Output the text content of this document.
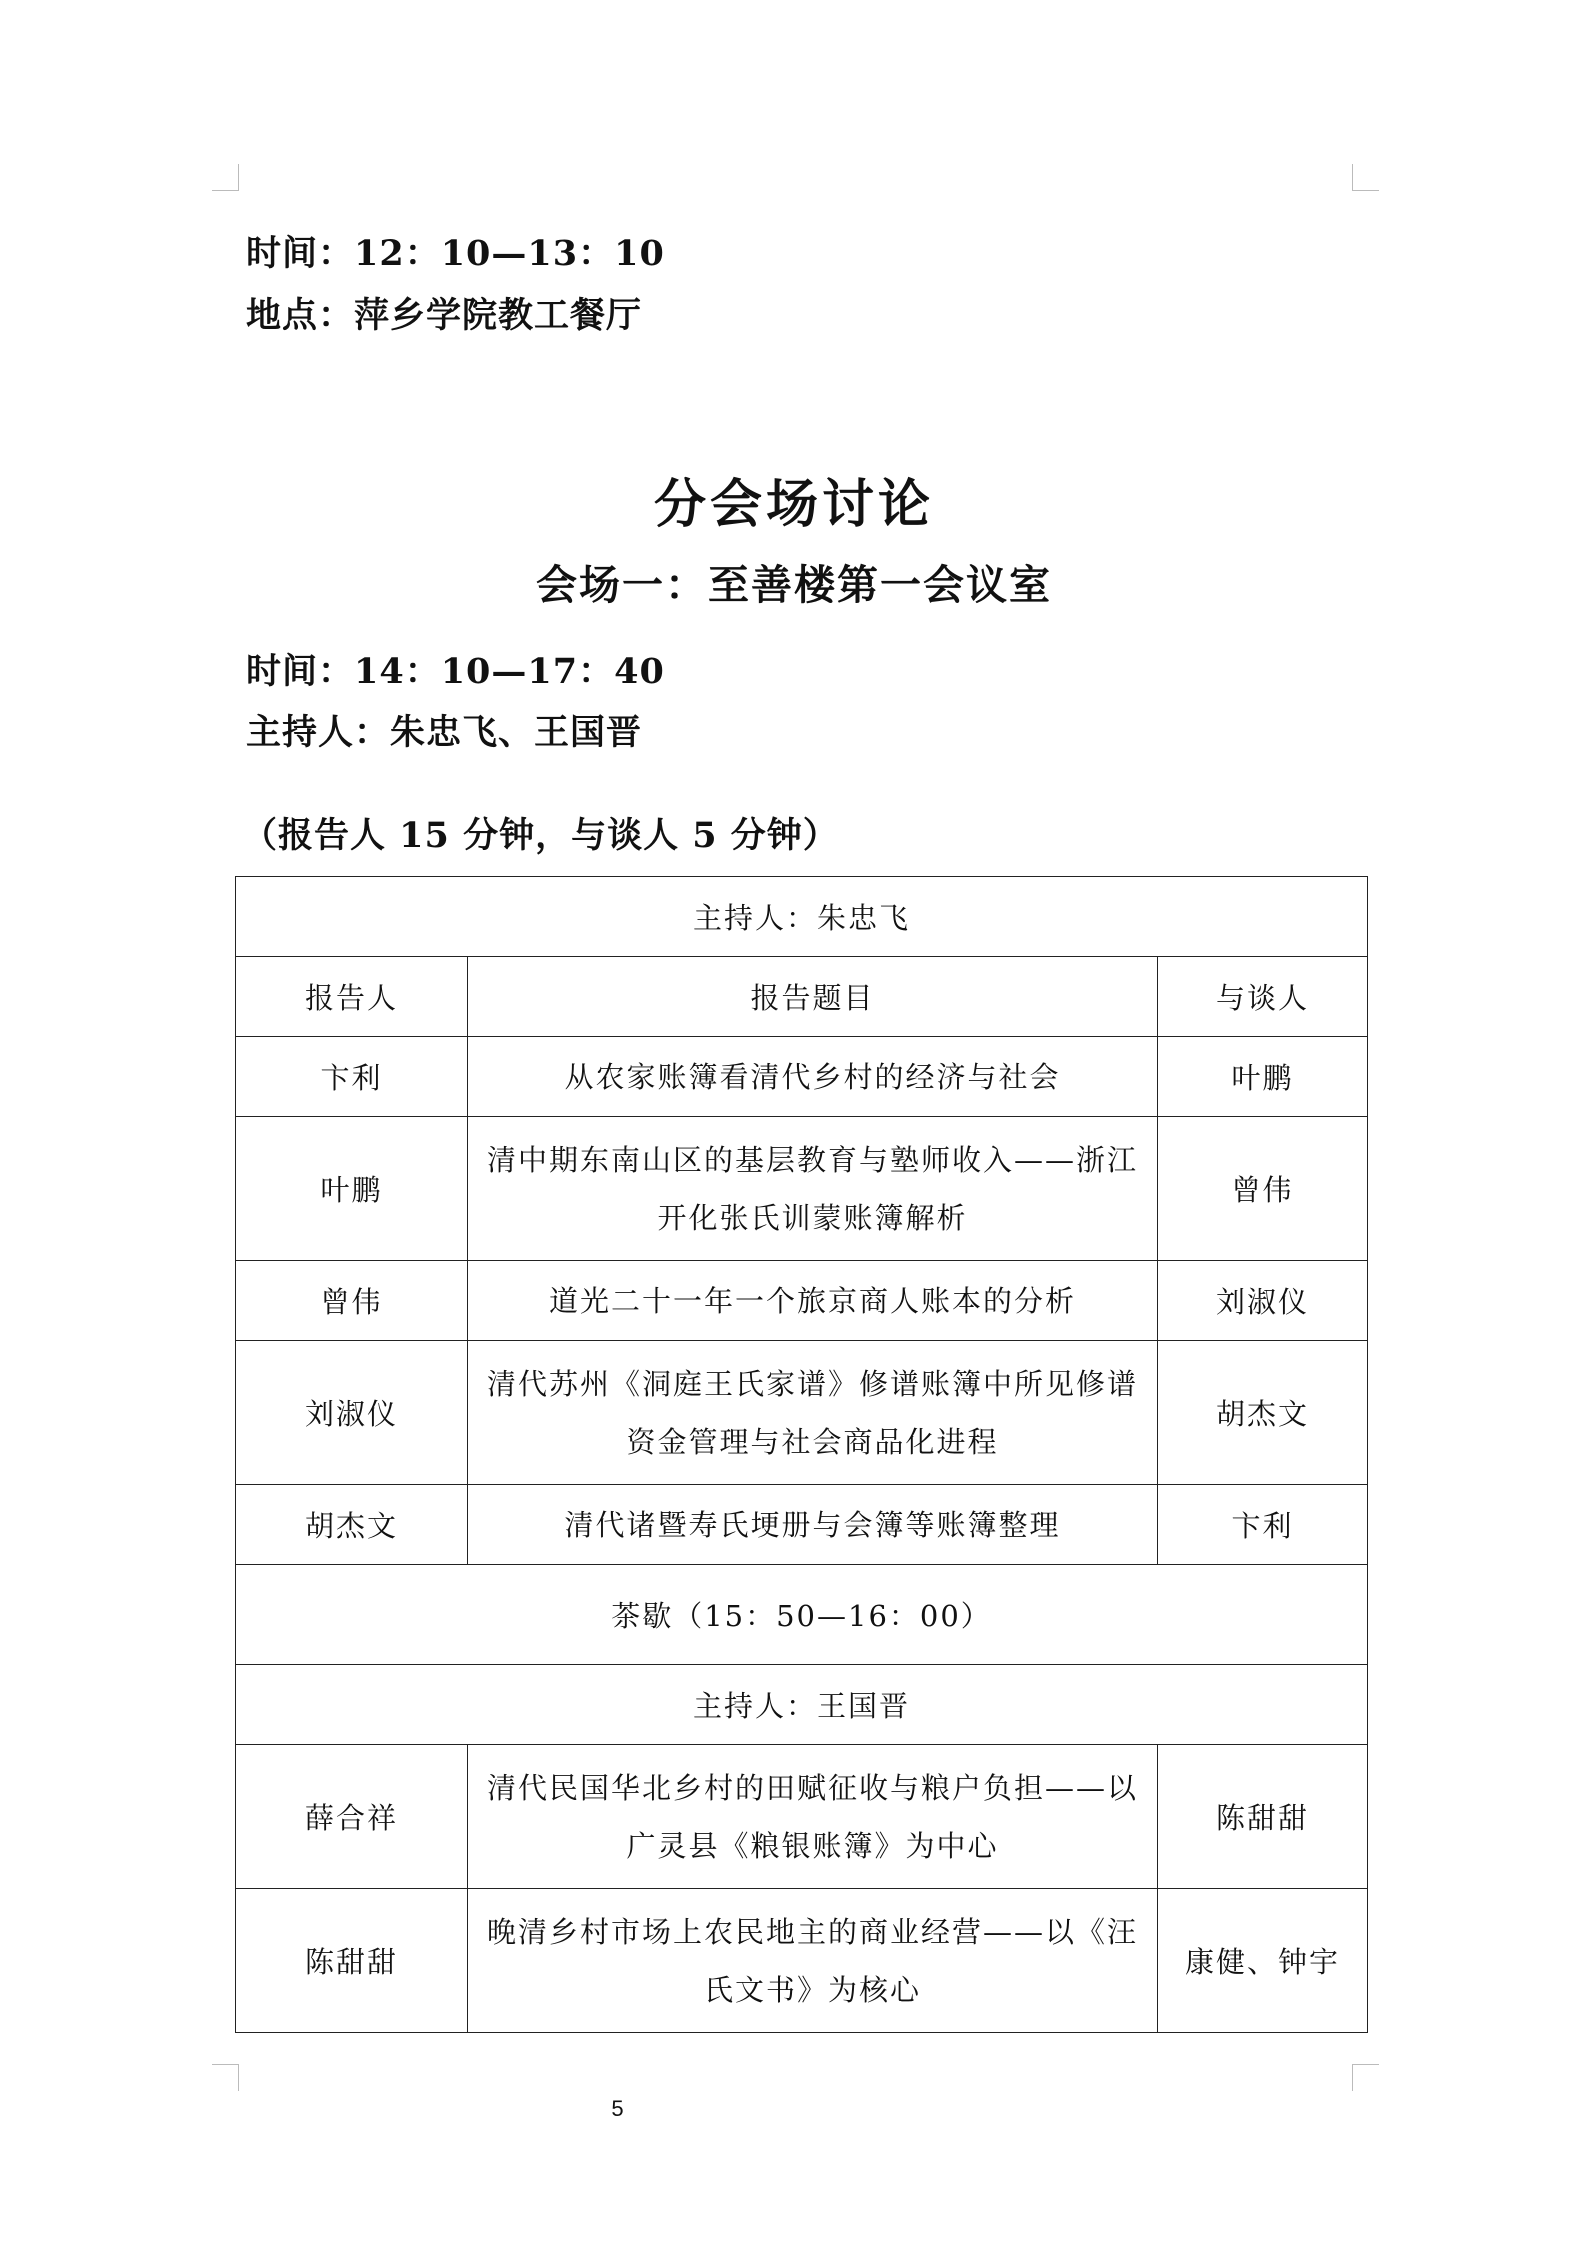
时间：12：10—13：10
地点：萍乡学院教工餐厅
分会场讨论
会场一：至善楼第一会议室
时间：14：10—17：40
主持人：朱忠飞、王国晋
（报告人 15 分钟，与谈人 5 分钟）
主持人：朱忠飞		
报告人	报告题目	与谈人
卞利	从农家账簿看清代乡村的经济与社会	叶鹏
叶鹏	清中期东南山区的基层教育与塾师收入——浙江开化张氏训蒙账簿解析	曾伟
曾伟	道光二十一年一个旅京商人账本的分析	刘淑仪
刘淑仪	清代苏州《洞庭王氏家谱》修谱账簿中所见修谱资金管理与社会商品化进程	胡杰文
胡杰文	清代诸暨寿氏埂册与会簿等账簿整理	卞利
茶歇（15：50—16：00）		
主持人：王国晋		
薛合祥	清代民国华北乡村的田赋征收与粮户负担——以广灵县《粮银账簿》为中心	陈甜甜
陈甜甜	晚清乡村市场上农民地主的商业经营——以《汪氏文书》为核心	康健、钟宇
5
